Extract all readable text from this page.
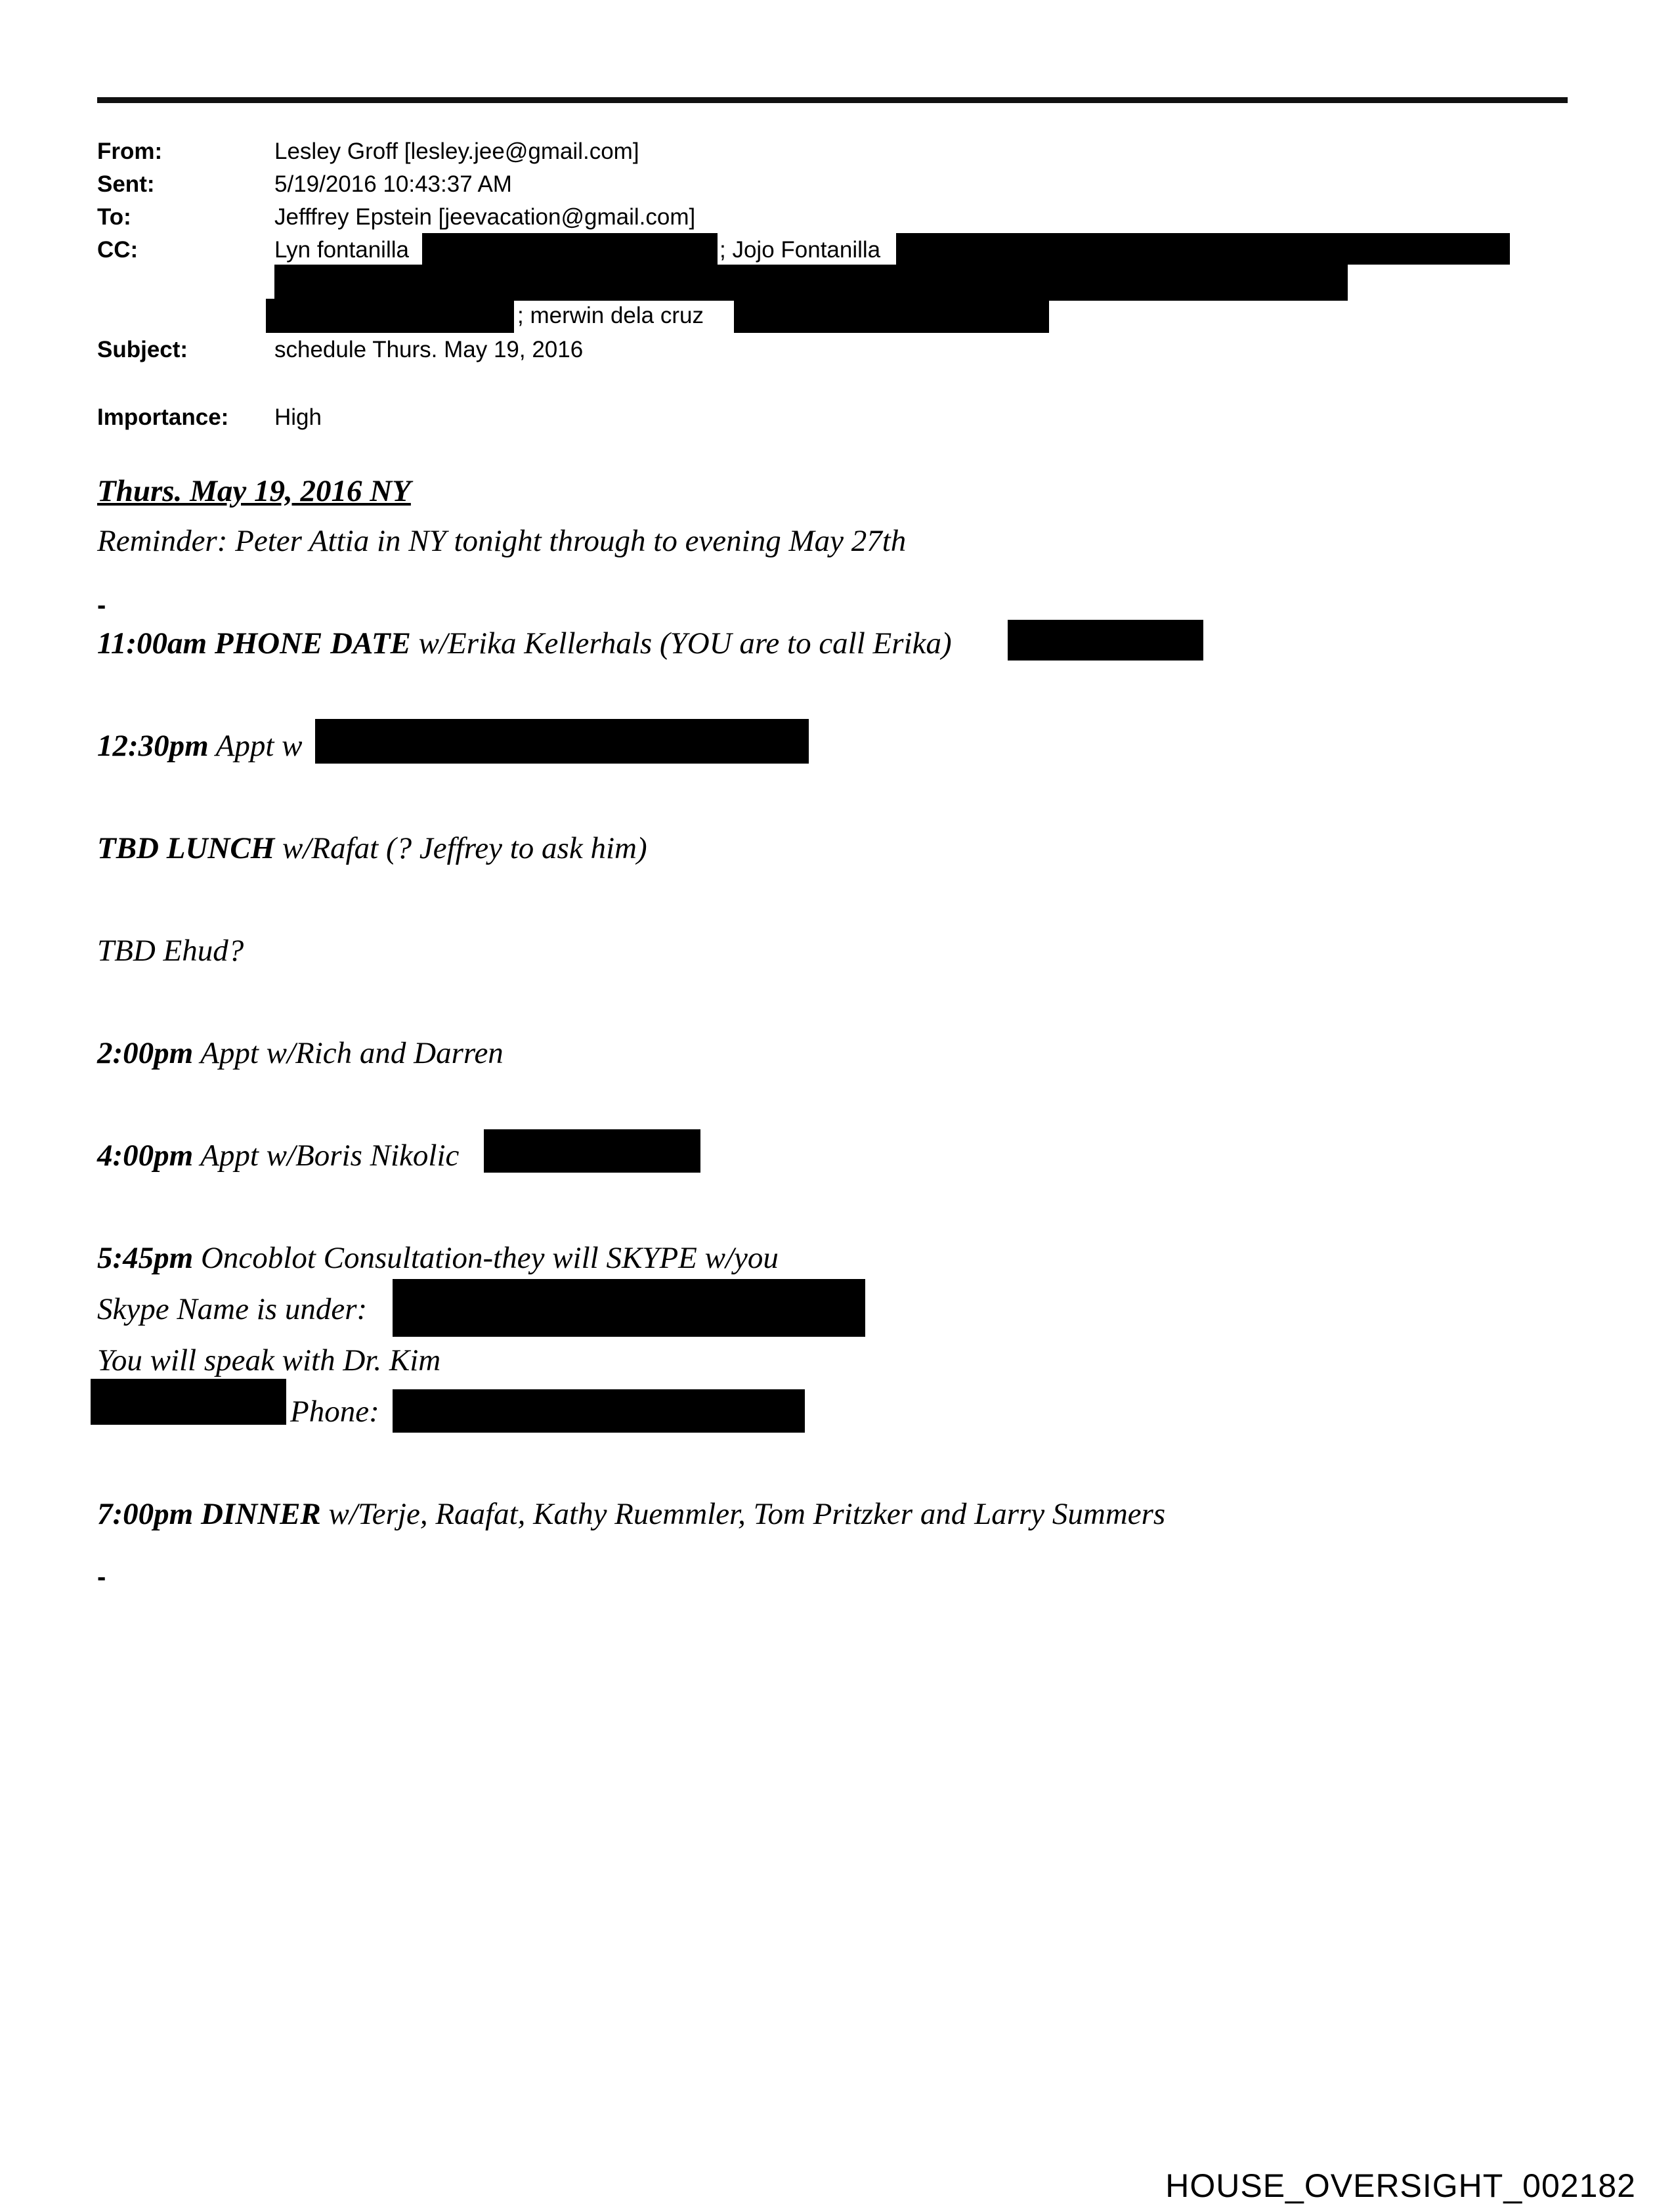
From:	Lesley Groff [lesley.jee@gmail.com]
Sent:	5/19/2016 10:43:37 AM
To:	Jefffrey Epstein [jeevacation@gmail.com]
CC:	Lyn fontanilla	; Jojo Fontanilla
; merwin dela cruz
Subject:	schedule Thurs. May 19, 2016
Importance: High
Thurs. May 19, 2016 NY
Reminder: Peter Attia in NY tonight through to evening May 27th
-
11:00am PHONE DATE w/Erika Kellerhals (YOU are to call Erika)
12:30pm Appt w
TBD LUNCH w/Rafat (? Jeffrey to ask him)
TBD Ehud?
2:00pm Appt w/Rich and Darren
4:00pm Appt w/Boris Nikolic
5:45pm Oncoblot Consultation-they will SKYPE w/you
Skype Name is under:
You will speak with Dr. Kim
Phone:
7:00pm DINNER w/Terje, Raafat, Kathy Ruemmler, Tom Pritzker and Larry Summers
-
HOUSE_OVERSIGHT_002182
